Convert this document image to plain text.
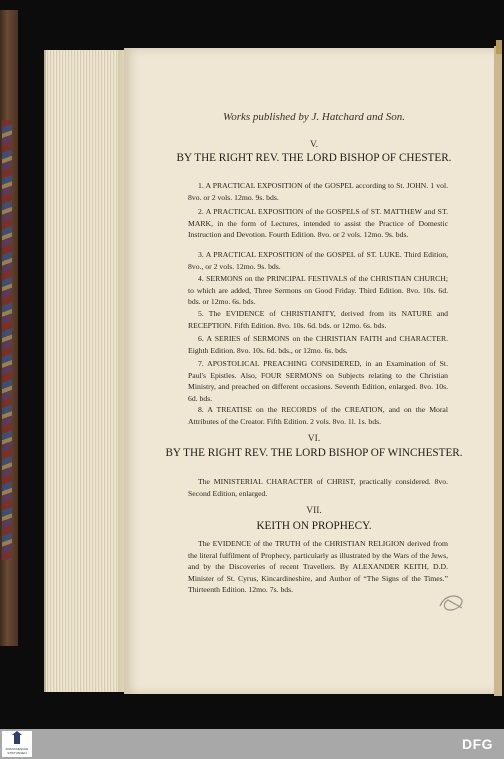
Works published by J. Hatchard and Son.
V.
BY THE RIGHT REV. THE LORD BISHOP OF CHESTER.
1. A PRACTICAL EXPOSITION of the GOSPEL according to St. JOHN. 1 vol. 8vo. or 2 vols. 12mo. 9s. bds.
2. A PRACTICAL EXPOSITION of the GOSPELS of ST. MATTHEW and ST. MARK, in the form of Lectures, intended to assist the Practice of Domestic Instruction and Devotion. Fourth Edition. 8vo. or 2 vols. 12mo. 9s. bds.
3. A PRACTICAL EXPOSITION of the GOSPEL of ST. LUKE. Third Edition, 8vo., or 2 vols. 12mo. 9s. bds.
4. SERMONS on the PRINCIPAL FESTIVALS of the CHRISTIAN CHURCH; to which are added, Three Sermons on Good Friday. Third Edition. 8vo. 10s. 6d. bds. or 12mo. 6s. bds.
5. The EVIDENCE of CHRISTIANITY, derived from its NATURE and RECEPTION. Fifth Edition. 8vo. 10s. 6d. bds. or 12mo. 6s. bds.
6. A SERIES of SERMONS on the CHRISTIAN FAITH and CHARACTER. Eighth Edition. 8vo. 10s. 6d. bds., or 12mo. 6s. bds.
7. APOSTOLICAL PREACHING CONSIDERED, in an Examination of St. Paul's Epistles. Also, FOUR SERMONS on Subjects relating to the Christian Ministry, and preached on different occasions. Seventh Edition, enlarged. 8vo. 10s. 6d. bds.
8. A TREATISE on the RECORDS of the CREATION, and on the Moral Attributes of the Creator. Fifth Edition. 2 vols. 8vo. 1l. 1s. bds.
VI.
BY THE RIGHT REV. THE LORD BISHOP OF WINCHESTER.
The MINISTERIAL CHARACTER of CHRIST, practically considered. 8vo. Second Edition, enlarged.
VII.
KEITH ON PROPHECY.
The EVIDENCE of the TRUTH of the CHRISTIAN RELIGION derived from the literal fulfilment of Prophecy, particularly as illustrated by the Wars of the Jews, and by the Discoveries of recent Travellers. By ALEXANDER KEITH, D.D. Minister of St. Cyrus, Kincardineshire, and Author of “The Signs of the Times.” Thirteenth Edition. 12mo. 7s. bds.
FRANCKESCHE STIFTUNGEN
DFG
